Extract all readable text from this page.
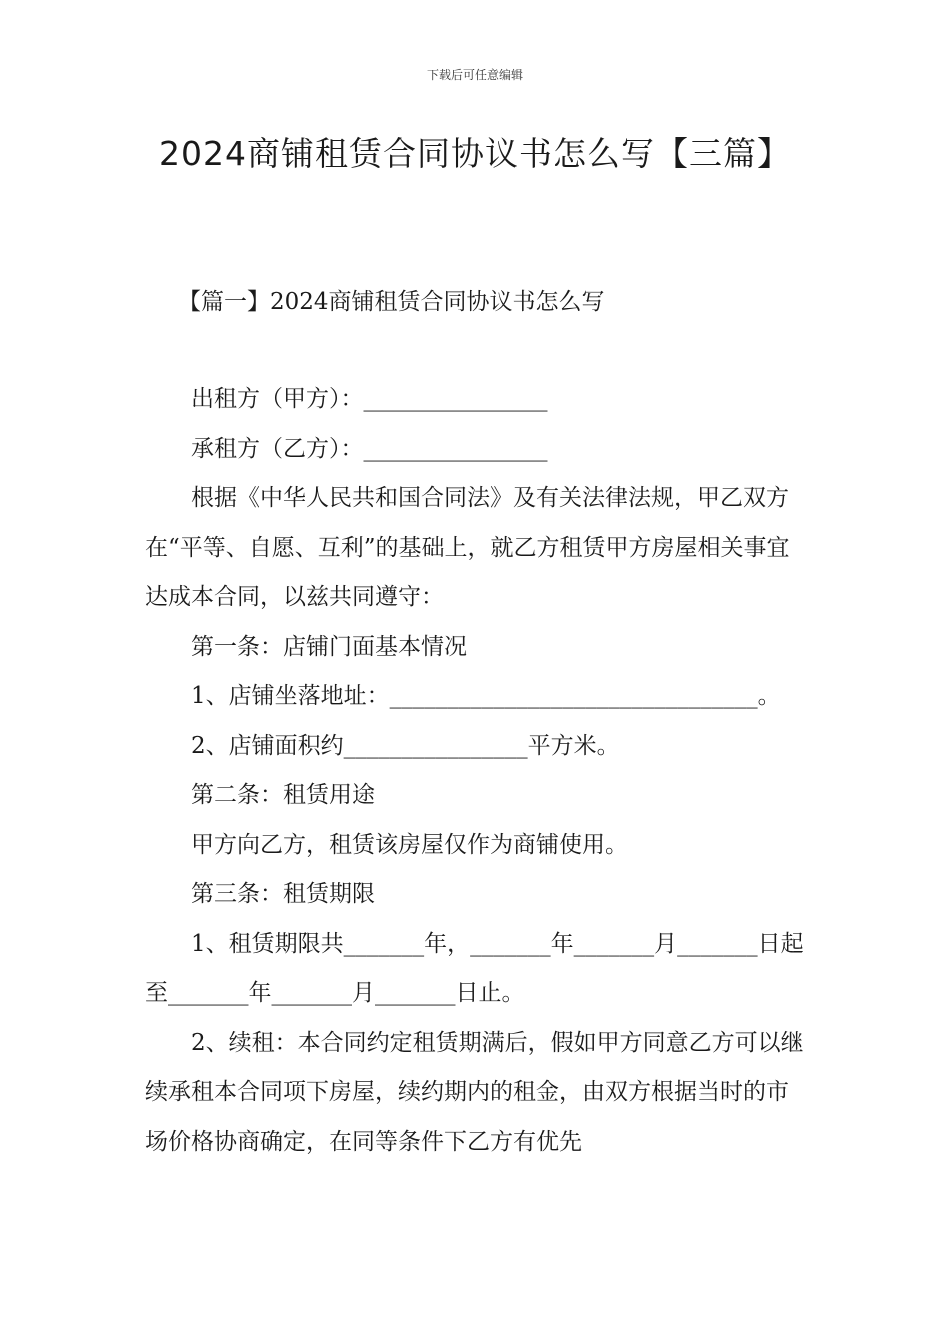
下载后可任意编辑
2024商铺租赁合同协议书怎么写【三篇】
【篇一】2024商铺租赁合同协议书怎么写

出租方（甲方）：________________

承租方（乙方）：________________

根据《中华人民共和国合同法》及有关法律法规，甲乙双方在“平等、自愿、互利”的基础上，就乙方租赁甲方房屋相关事宜达成本合同，以兹共同遵守：

第一条：店铺门面基本情况

1、店铺坐落地址：________________________________。

2、店铺面积约________________平方米。

第二条：租赁用途

甲方向乙方，租赁该房屋仅作为商铺使用。

第三条：租赁期限

1、租赁期限共_______年，_______年_______月_______日起至_______年_______月_______日止。

2、续租：本合同约定租赁期满后，假如甲方同意乙方可以继续承租本合同项下房屋，续约期内的租金，由双方根据当时的市场价格协商确定，在同等条件下乙方有优先
